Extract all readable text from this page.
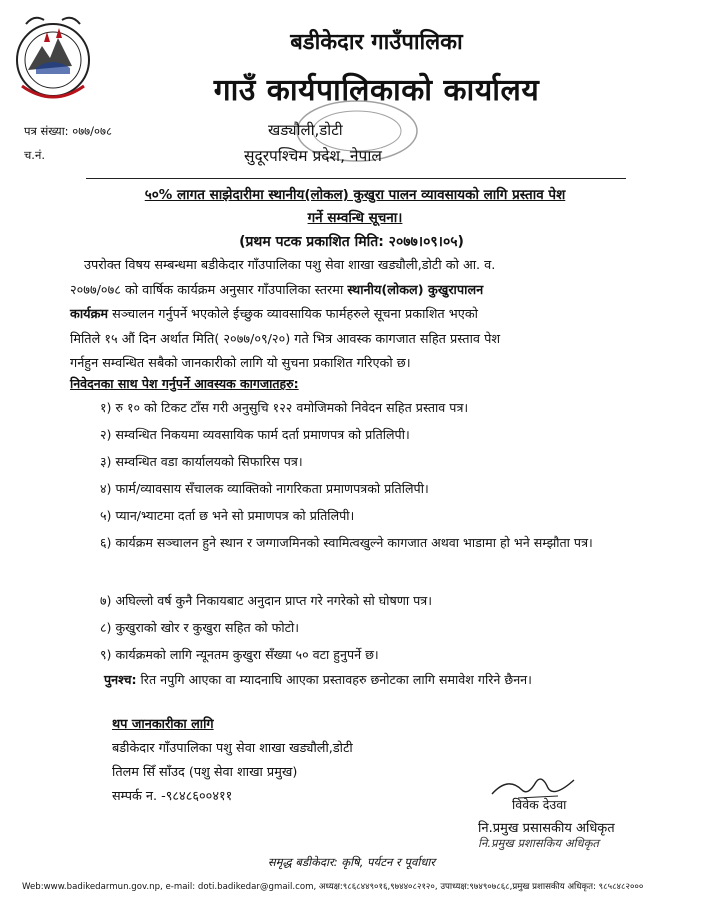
बडीकेदार गाउँपालिका
गाउँ कार्यपालिकाको कार्यालय
पत्र संख्या: ०७७/०७८
च.नं.
खड्यौली,डोटी
सुदूरपश्चिम प्रदेश, नेपाल
५०% लागत साझेदारीमा स्थानीय(लोकल) कुखुरा पालन व्यावसायको लागि प्रस्ताव पेश
गर्ने सम्वन्धि सूचना।
(प्रथम पटक प्रकाशित मिति: २०७७।०९।०५)
उपरोक्त विषय सम्बन्धमा बडीकेदार गाँउपालिका पशु सेवा शाखा खड्यौली,डोटी को आ. व.
२०७७/०७८ को वार्षिक कार्यक्रम अनुसार गाँउपालिका स्तरमा स्थानीय(लोकल) कुखुरापालन
कार्यक्रम सञ्चालन गर्नुपर्ने भएकोले ईच्छुक व्यावसायिक फार्महरुले सूचना प्रकाशित भएको
मितिले १५ औं दिन अर्थात मिति( २०७७/०९/२०) गते भित्र आवस्क कागजात सहित प्रस्ताव पेश
गर्नहुन सम्वन्धित सबैको जानकारीको लागि यो सुचना प्रकाशित गरिएको छ।
निवेदनका साथ पेश गर्नुपर्ने आवस्यक कागजातहरु:
१) रु १० को टिकट टाँस गरी अनुसुचि १२२ वमोजिमको निवेदन सहित प्रस्ताव पत्र।
२) सम्वन्धित निकयमा व्यवसायिक फार्म दर्ता प्रमाणपत्र को प्रतिलिपी।
३) सम्वन्धित वडा कार्यालयको सिफारिस पत्र।
४) फार्म/व्यावसाय सँचालक व्याक्तिको नागरिकता प्रमाणपत्रको प्रतिलिपी।
५) प्यान/भ्याटमा दर्ता छ भने सो प्रमाणपत्र को प्रतिलिपी।
६) कार्यक्रम सञ्चालन हुने स्थान र जग्गाजमिनको स्वामित्वखुल्ने कागजात अथवा भाडामा हो भने सम्झौता पत्र।
७) अघिल्लो वर्ष कुनै निकायबाट अनुदान प्राप्त गरे नगरेको सो घोषणा पत्र।
८) कुखुराको खोर र कुखुरा सहित को फोटो।
९) कार्यक्रमको लागि न्यूनतम कुखुरा सँख्या ५० वटा हुनुपर्ने छ।
पुनश्च: रित नपुगि आएका वा म्यादनाघि आएका प्रस्तावहरु छनोटका लागि समावेश गरिने छैनन।
थप जानकारीका लागि
बडीकेदार गाँउपालिका पशु सेवा शाखा खड्यौली,डोटी
तिलम सिँ साँउद (पशु सेवा शाखा प्रमुख)
सम्पर्क न. -९८४८६००४११
विवेक देउवा
नि.प्रमुख प्रसासकीय अधिकृत
नि.प्रमुख प्रशासकिय अधिकृत
समृद्ध बडीकेदार: कृषि, पर्यटन र पूर्वाधार
Web:www.badikedarmun.gov.np, e-mail: doti.badikedar@gmail.com, अध्यक्ष:९८६८४४९०१६,९७४४०८२१२०, उपाध्यक्ष:९७४९०७८६८,प्रमुख प्रशासकीय अधिकृत: ९८५८४८२०००
